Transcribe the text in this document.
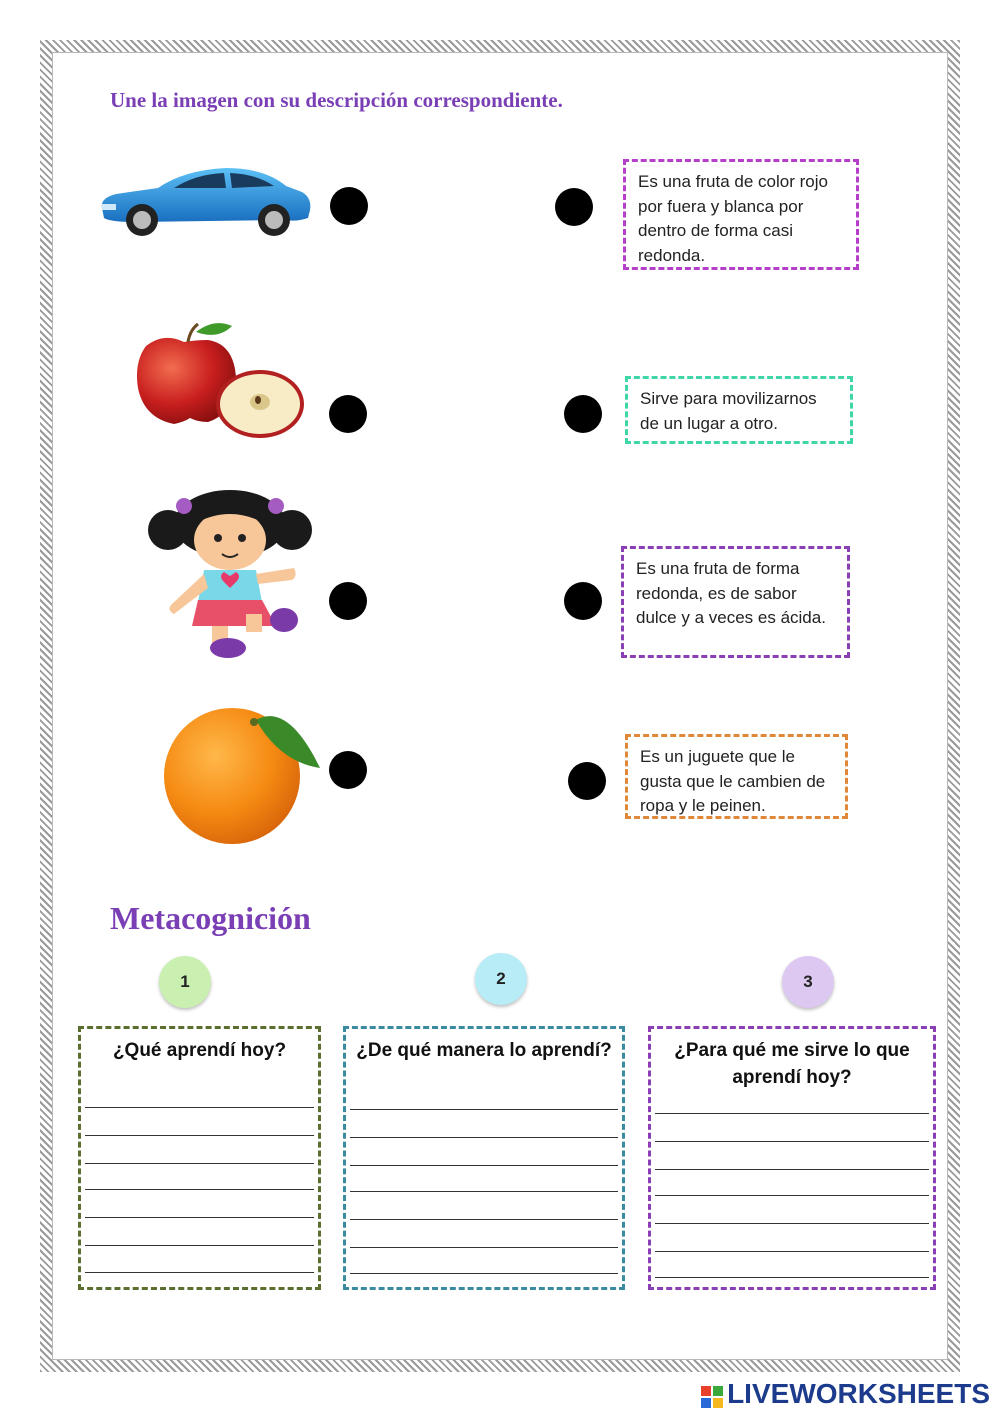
Une la imagen con su descripción correspondiente.
Es una fruta de color rojo por fuera y blanca por dentro de forma casi redonda.
Sirve para movilizarnos de un lugar a otro.
Es una fruta de forma redonda, es de sabor dulce y a veces es ácida.
Es un juguete que le gusta que le cambien de ropa y le peinen.
Metacognición
1	2	3
¿Qué aprendí hoy?	¿De qué manera lo aprendí?	¿Para qué me sirve lo que aprendí hoy?
LIVEWORKSHEETS
